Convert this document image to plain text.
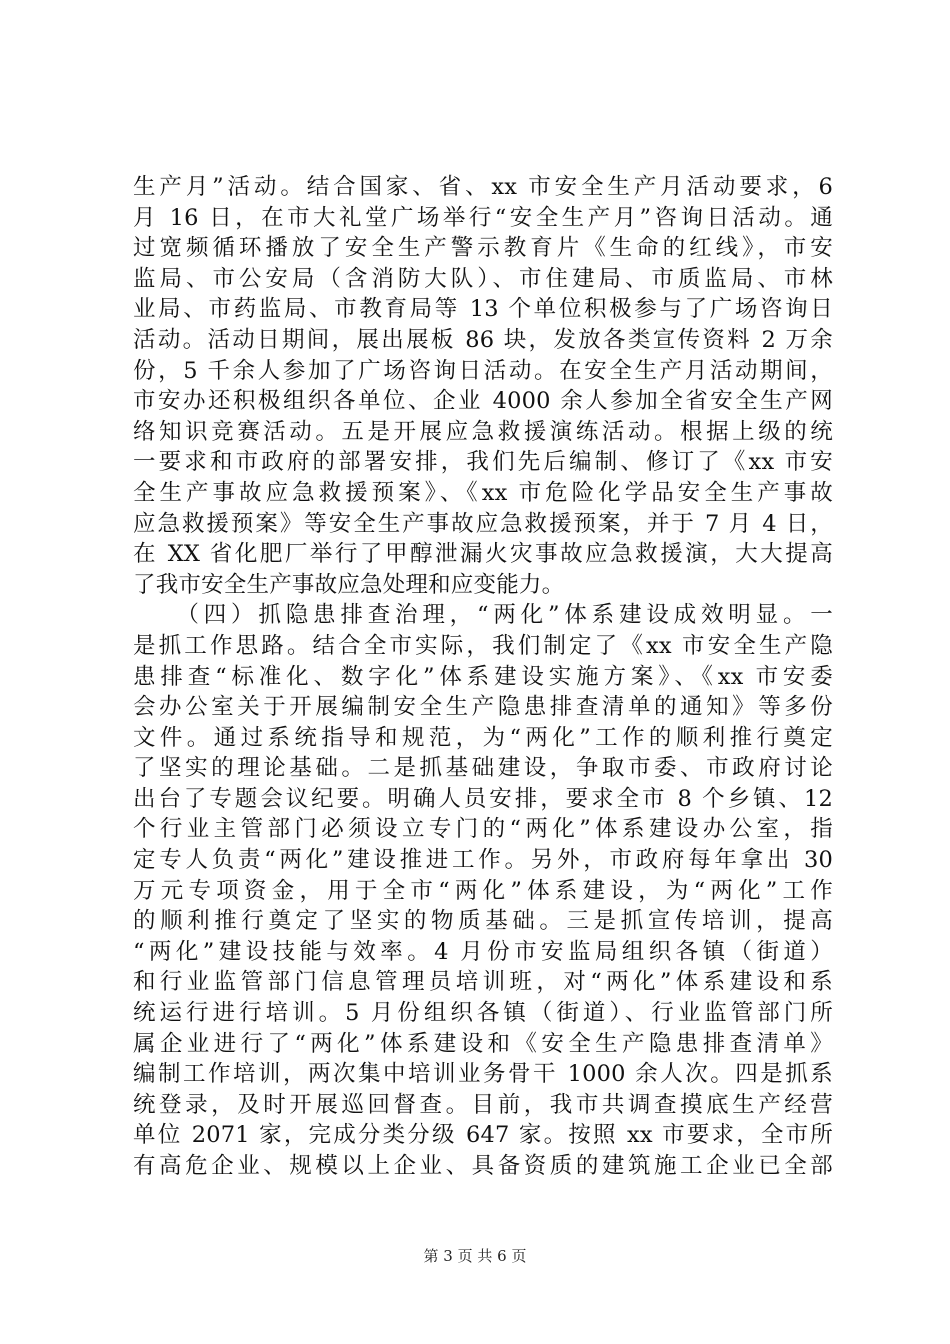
生产月”活动。结合国家、省、xx 市安全生产月活动要求，6
月 16 日，在市大礼堂广场举行“安全生产月”咨询日活动。通
过宽频循环播放了安全生产警示教育片《生命的红线》，市安
监局、市公安局（含消防大队）、市住建局、市质监局、市林
业局、市药监局、市教育局等 13 个单位积极参与了广场咨询日
活动。活动日期间，展出展板 86 块，发放各类宣传资料 2 万余
份，5 千余人参加了广场咨询日活动。在安全生产月活动期间，
市安办还积极组织各单位、企业 4000 余人参加全省安全生产网
络知识竞赛活动。五是开展应急救援演练活动。根据上级的统
一要求和市政府的部署安排，我们先后编制、修订了《xx 市安
全生产事故应急救援预案》、《xx 市危险化学品安全生产事故
应急救援预案》等安全生产事故应急救援预案，并于 7 月 4 日，
在 XX 省化肥厂举行了甲醇泄漏火灾事故应急救援演，大大提高
了我市安全生产事故应急处理和应变能力。
　　（四）抓隐患排查治理，“两化”体系建设成效明显。一
是抓工作思路。结合全市实际，我们制定了《xx 市安全生产隐
患排查“标准化、数字化”体系建设实施方案》、《xx 市安委
会办公室关于开展编制安全生产隐患排查清单的通知》等多份
文件。通过系统指导和规范，为“两化”工作的顺利推行奠定
了坚实的理论基础。二是抓基础建设，争取市委、市政府讨论
出台了专题会议纪要。明确人员安排，要求全市 8 个乡镇、12
个行业主管部门必须设立专门的“两化”体系建设办公室，指
定专人负责“两化”建设推进工作。另外，市政府每年拿出 30
万元专项资金，用于全市“两化”体系建设，为“两化”工作
的顺利推行奠定了坚实的物质基础。三是抓宣传培训，提高
“两化”建设技能与效率。4 月份市安监局组织各镇（街道）
和行业监管部门信息管理员培训班，对“两化”体系建设和系
统运行进行培训。5 月份组织各镇（街道）、行业监管部门所
属企业进行了“两化”体系建设和《安全生产隐患排查清单》
编制工作培训，两次集中培训业务骨干 1000 余人次。四是抓系
统登录，及时开展巡回督查。目前，我市共调查摸底生产经营
单位 2071 家，完成分类分级 647 家。按照 xx 市要求，全市所
有高危企业、规模以上企业、具备资质的建筑施工企业已全部
第 3 页 共 6 页
